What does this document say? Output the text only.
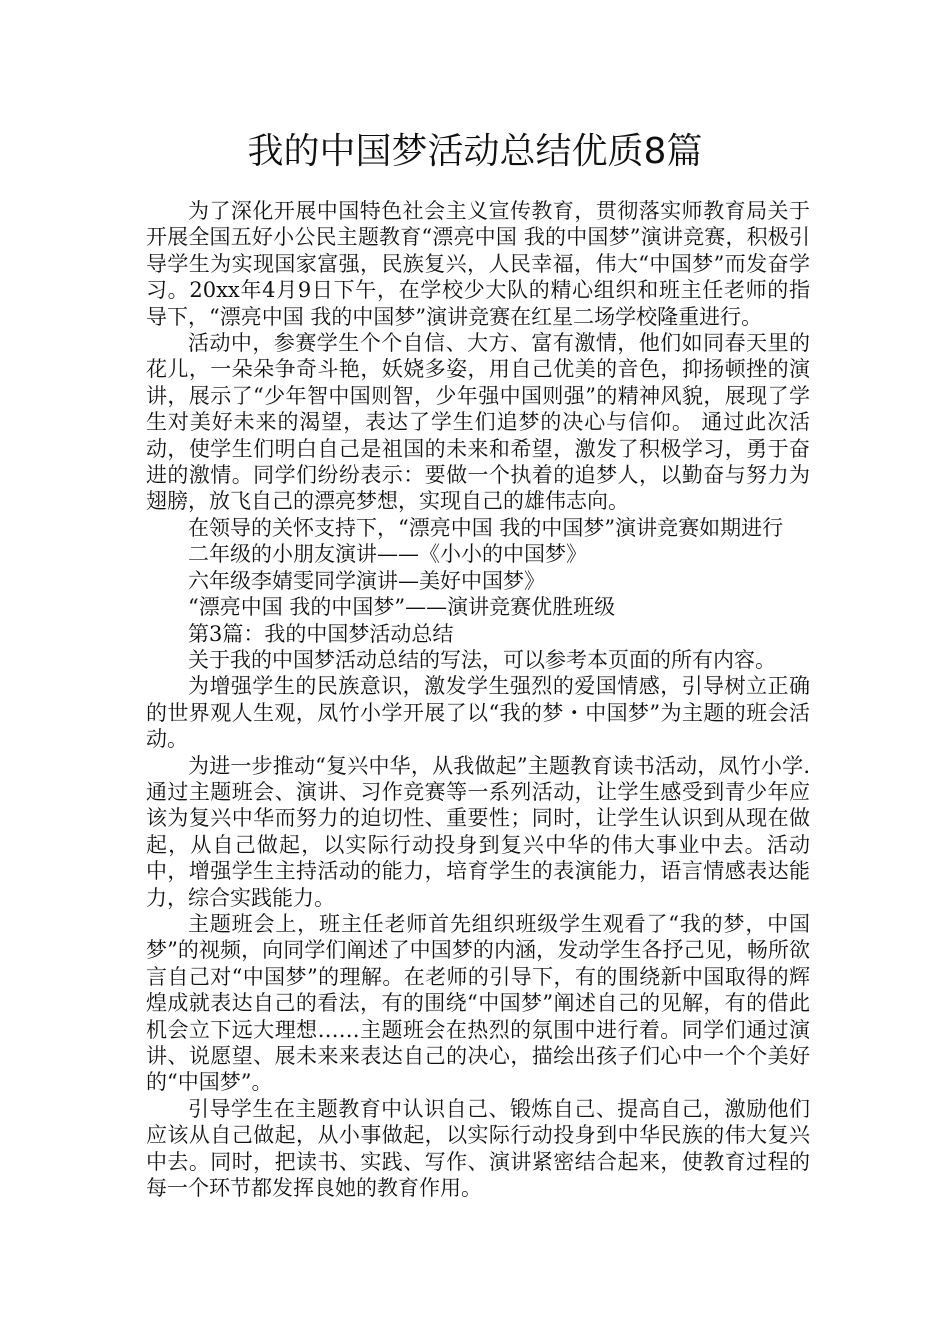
我的中国梦活动总结优质8篇

为了深化开展中国特色社会主义宣传教育，贯彻落实师教育局关于开展全国五好小公民主题教育“漂亮中国 我的中国梦”演讲竞赛，积极引导学生为实现国家富强，民族复兴，人民幸福，伟大“中国梦”而发奋学习。20xx年4月9日下午，在学校少大队的精心组织和班主任老师的指导下，“漂亮中国 我的中国梦”演讲竞赛在红星二场学校隆重进行。

活动中，参赛学生个个自信、大方、富有激情，他们如同春天里的花儿，一朵朵争奇斗艳，妖娆多姿，用自己优美的音色，抑扬顿挫的演讲，展示了“少年智中国则智，少年强中国则强”的精神风貌，展现了学生对美好未来的渴望，表达了学生们追梦的决心与信仰。 通过此次活动，使学生们明白自己是祖国的未来和希望，激发了积极学习，勇于奋进的激情。同学们纷纷表示：要做一个执着的追梦人，以勤奋与努力为翅膀，放飞自己的漂亮梦想，实现自己的雄伟志向。

在领导的关怀支持下，“漂亮中国 我的中国梦”演讲竞赛如期进行

二年级的小朋友演讲——《小小的中国梦》

六年级李婧雯同学演讲—美好中国梦》

“漂亮中国 我的中国梦”——演讲竞赛优胜班级

第3篇：我的中国梦活动总结

关于我的中国梦活动总结的写法，可以参考本页面的所有内容。

为增强学生的民族意识，激发学生强烈的爱国情感，引导树立正确的世界观人生观，凤竹小学开展了以“我的梦・中国梦”为主题的班会活动。

为进一步推动“复兴中华，从我做起”主题教育读书活动，凤竹小学.通过主题班会、演讲、习作竞赛等一系列活动，让学生感受到青少年应该为复兴中华而努力的迫切性、重要性；同时，让学生认识到从现在做起，从自己做起，以实际行动投身到复兴中华的伟大事业中去。活动中，增强学生主持活动的能力，培育学生的表演能力，语言情感表达能力，综合实践能力。

主题班会上，班主任老师首先组织班级学生观看了“我的梦，中国梦”的视频，向同学们阐述了中国梦的内涵，发动学生各抒己见，畅所欲言自己对“中国梦”的理解。在老师的引导下，有的围绕新中国取得的辉煌成就表达自己的看法，有的围绕“中国梦”阐述自己的见解，有的借此机会立下远大理想……主题班会在热烈的氛围中进行着。同学们通过演讲、说愿望、展未来来表达自己的决心，描绘出孩子们心中一个个美好的“中国梦”。

引导学生在主题教育中认识自己、锻炼自己、提高自己，激励他们应该从自己做起，从小事做起，以实际行动投身到中华民族的伟大复兴中去。同时，把读书、实践、写作、演讲紧密结合起来，使教育过程的每一个环节都发挥良她的教育作用。
